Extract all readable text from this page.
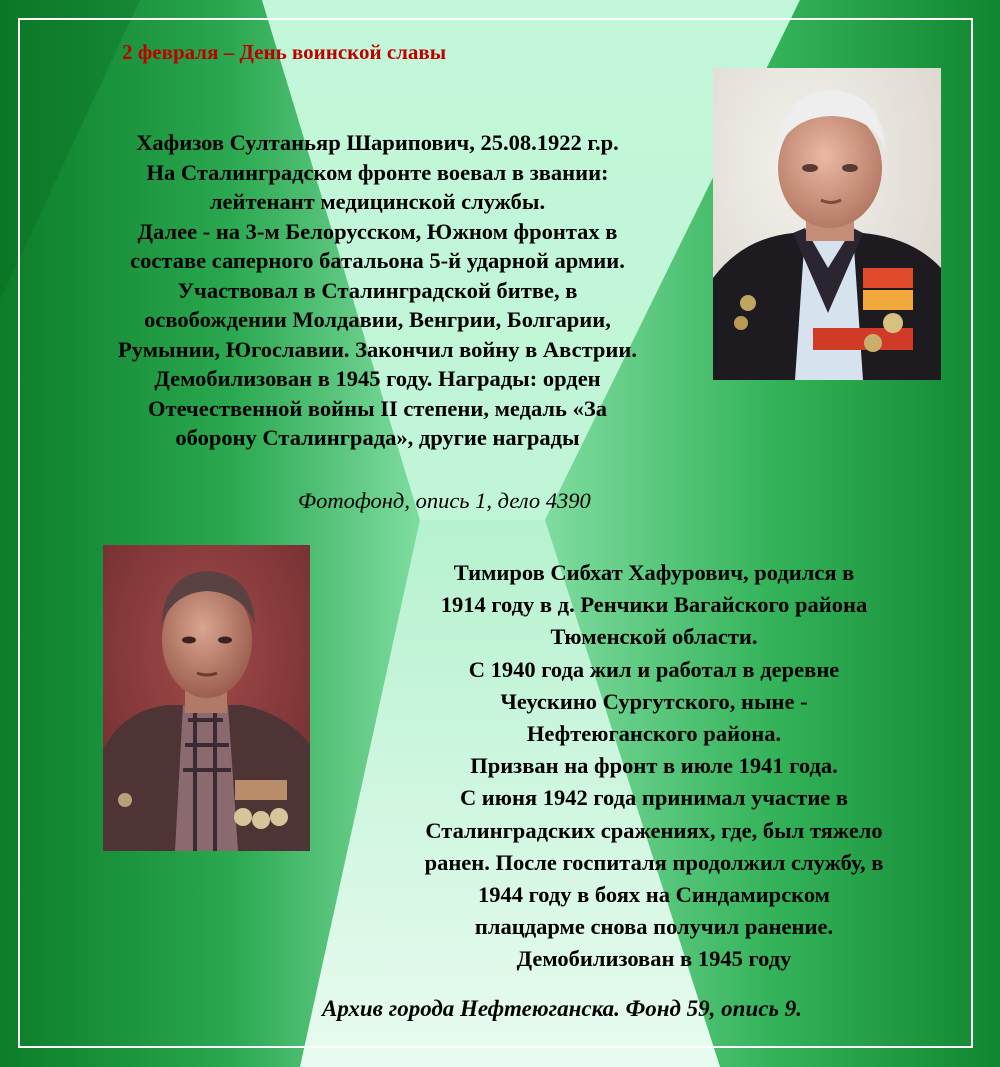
2 февраля – День воинской славы
Хафизов Султаньяр Шарипович, 25.08.1922 г.р.
На Сталинградском фронте воевал в звании:
лейтенант медицинской службы.
Далее - на 3-м Белорусском, Южном фронтах в
составе саперного батальона 5-й ударной армии.
Участвовал в Сталинградской битве, в
освобождении Молдавии, Венгрии, Болгарии,
Румынии, Югославии. Закончил войну в Австрии.
Демобилизован в 1945 году. Награды: орден
Отечественной войны II степени, медаль «За
оборону Сталинграда», другие награды
Фотофонд, опись 1, дело 4390
Тимиров Сибхат Хафурович, родился в
1914 году в д. Ренчики Вагайского района
Тюменской области.
С 1940 года жил и работал в деревне
Чеускино Сургутского, ныне -
Нефтеюганского района.
Призван на фронт в июле 1941 года.
С июня 1942 года принимал участие в
Сталинградских сражениях, где, был тяжело
ранен. После госпиталя продолжил службу, в
1944 году в боях на Синдамирском
плацдарме снова получил ранение.
Демобилизован в 1945 году
Архив города Нефтеюганска. Фонд 59, опись 9.
